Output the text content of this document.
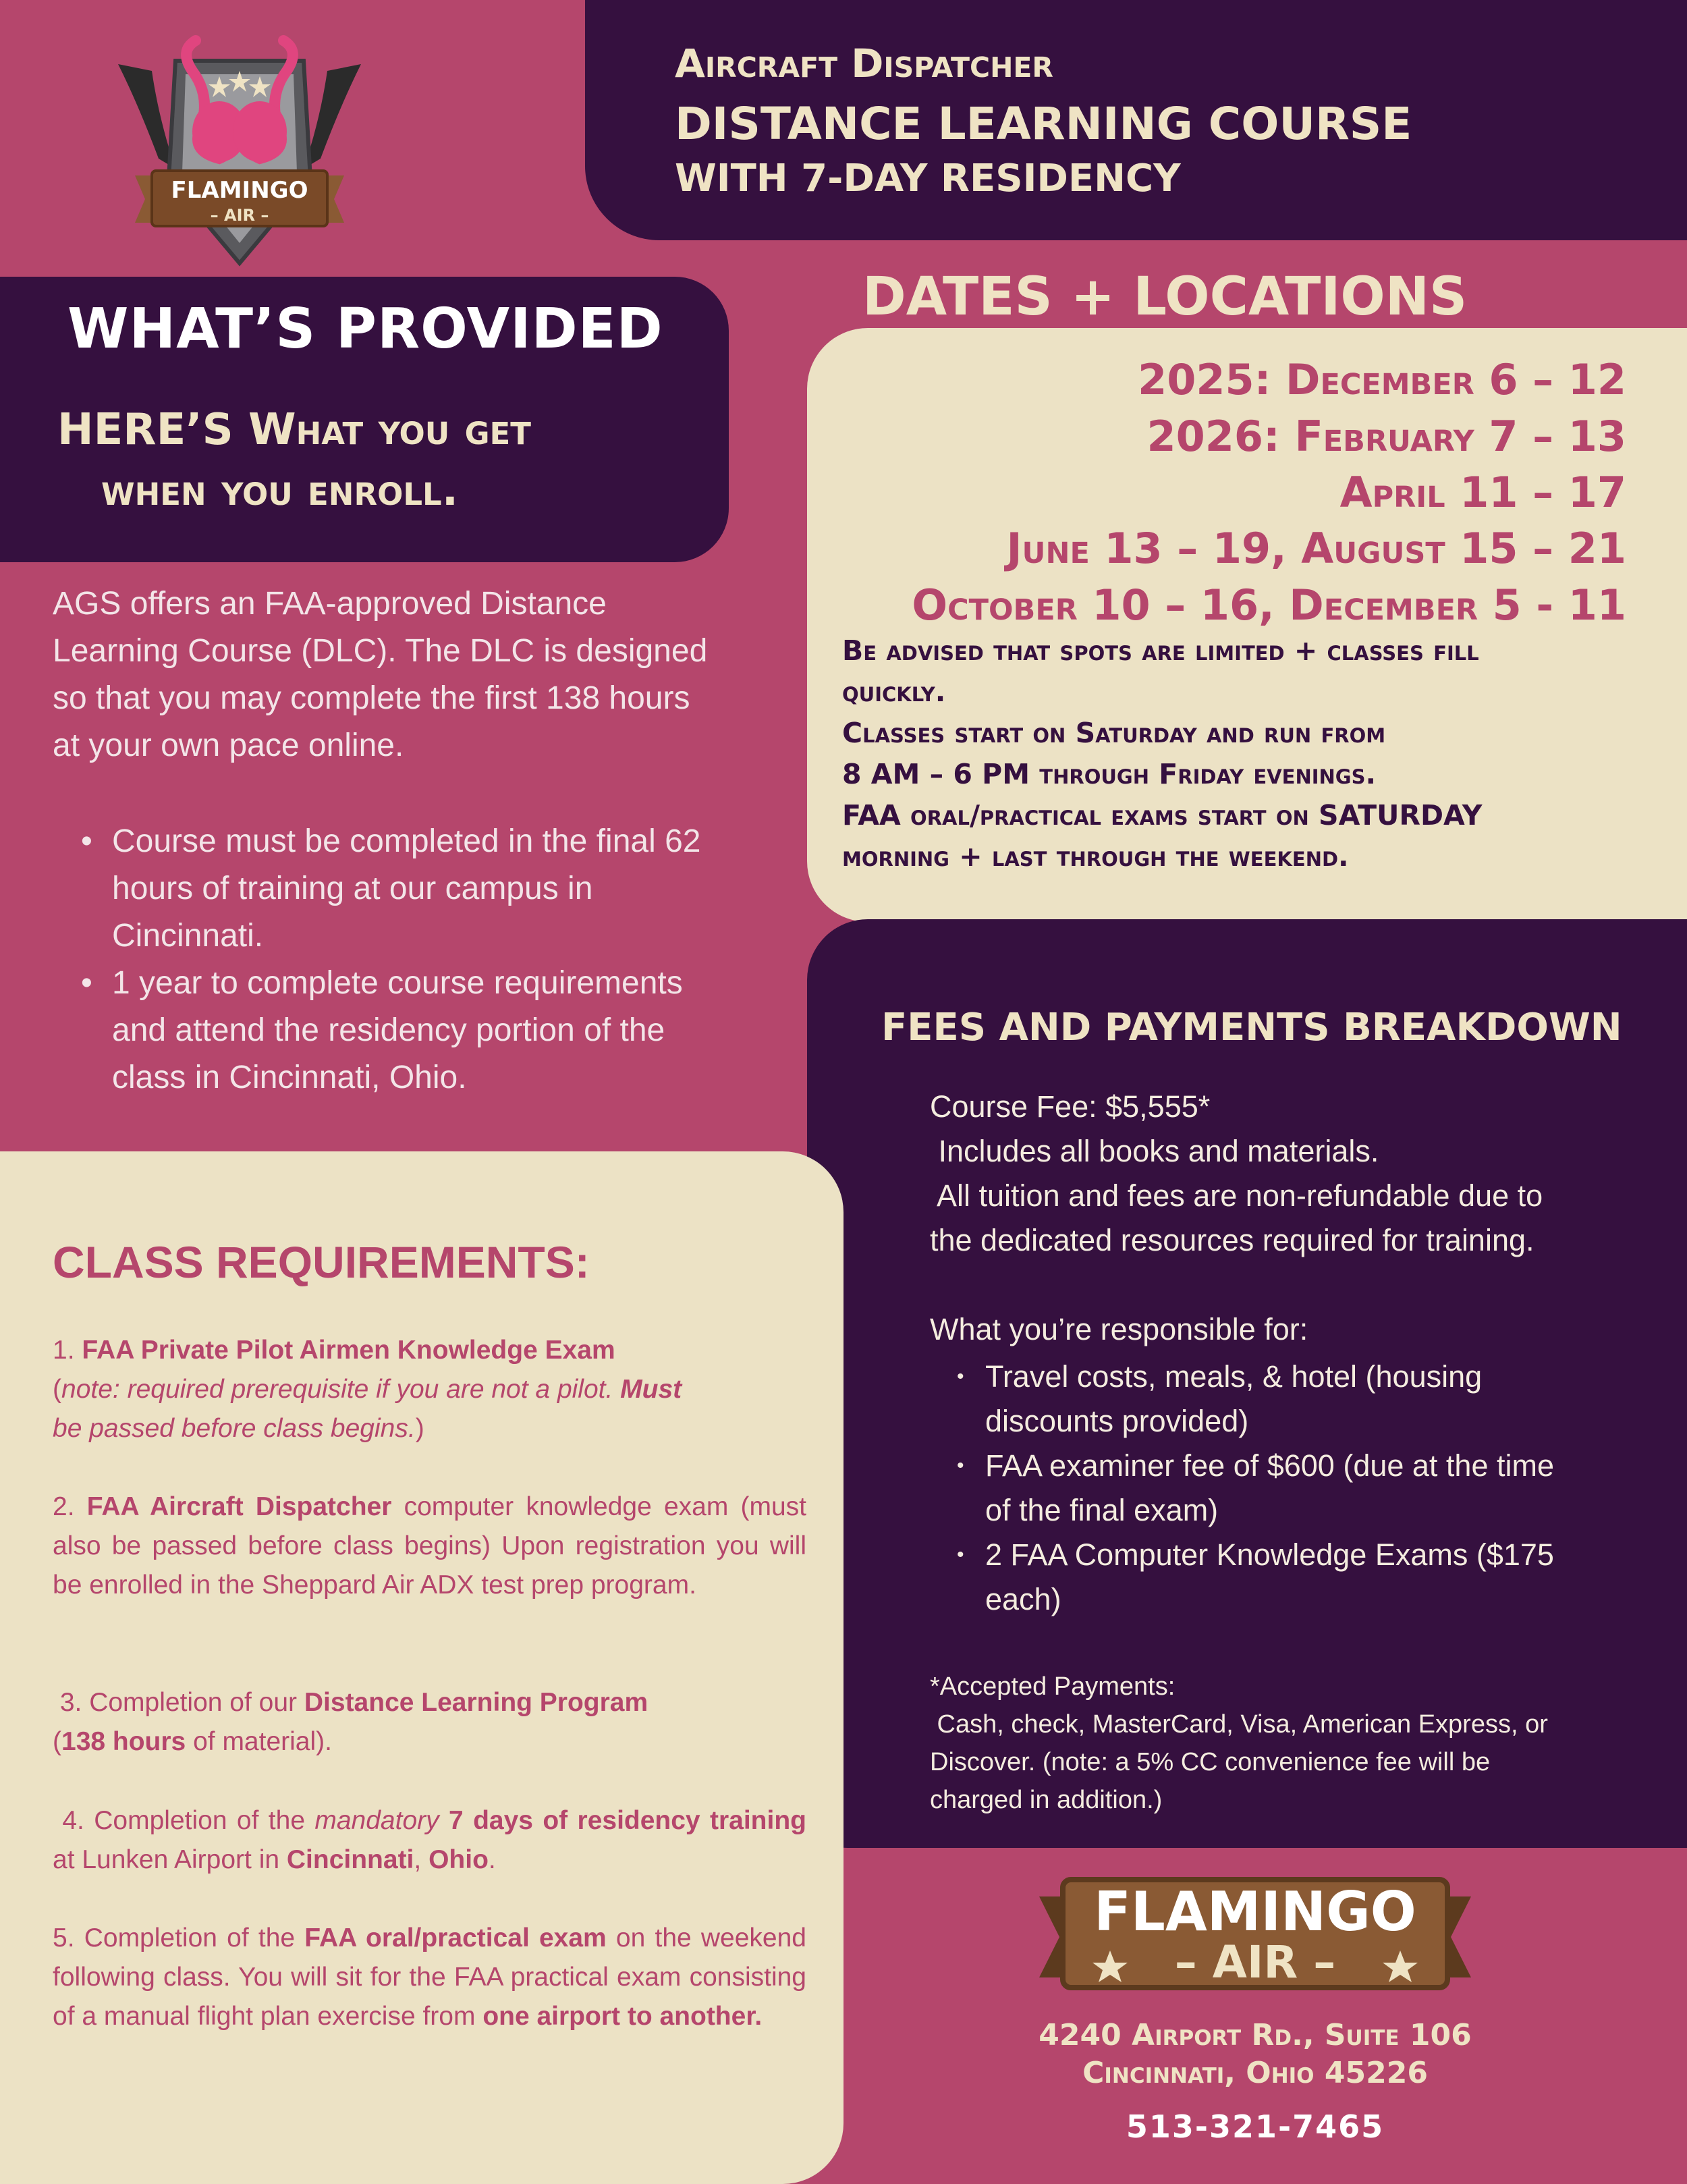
FLAMINGO
– AIR –
Aircraft Dispatcher
DISTANCE LEARNING COURSE
WITH 7-DAY RESIDENCY
WHAT’S PROVIDED
HERE’S What you get
when you enroll.
AGS offers an FAA-approved Distance
Learning Course (DLC). The DLC is designed
so that you may complete the first 138 hours
at your own pace online.
• Course must be completed in the final 62
hours of training at our campus in
Cincinnati.
• 1 year to complete course requirements
and attend the residency portion of the
class in Cincinnati, Ohio.
DATES + LOCATIONS
2025: December 6 – 12
2026: February 7 – 13
April 11 – 17
June 13 – 19, August 15 – 21
October 10 – 16, December 5 - 11
Be advised that spots are limited + classes fill
quickly.
Classes start on Saturday and run from
8 AM – 6 PM through Friday evenings.
FAA oral/practical exams start on SATURDAY
morning + last through the weekend.
FEES AND PAYMENTS BREAKDOWN
Course Fee: $5,555*
Includes all books and materials.
All tuition and fees are non-refundable due to
the dedicated resources required for training.
What you’re responsible for:
• Travel costs, meals, & hotel (housing
discounts provided)
• FAA examiner fee of $600 (due at the time
of the final exam)
• 2 FAA Computer Knowledge Exams ($175
each)
*Accepted Payments:
Cash, check, MasterCard, Visa, American Express, or
Discover. (note: a 5% CC convenience fee will be
charged in addition.)
CLASS REQUIREMENTS:
1. FAA Private Pilot Airmen Knowledge Exam
(note: required prerequisite if you are not a pilot. Must
be passed before class begins.)
2. FAA Aircraft Dispatcher computer knowledge exam (must also be passed before class begins) Upon registration you will be enrolled in the Sheppard Air ADX test prep program.
3. Completion of our Distance Learning Program
(138 hours of material).
4. Completion of the mandatory 7 days of residency training at Lunken Airport in Cincinnati, Ohio.
5. Completion of the FAA oral/practical exam on the weekend following class. You will sit for the FAA practical exam consisting of a manual flight plan exercise from one airport to another.
FLAMINGO
– AIR –
4240 Airport Rd., Suite 106
Cincinnati, Ohio 45226
513-321-7465
